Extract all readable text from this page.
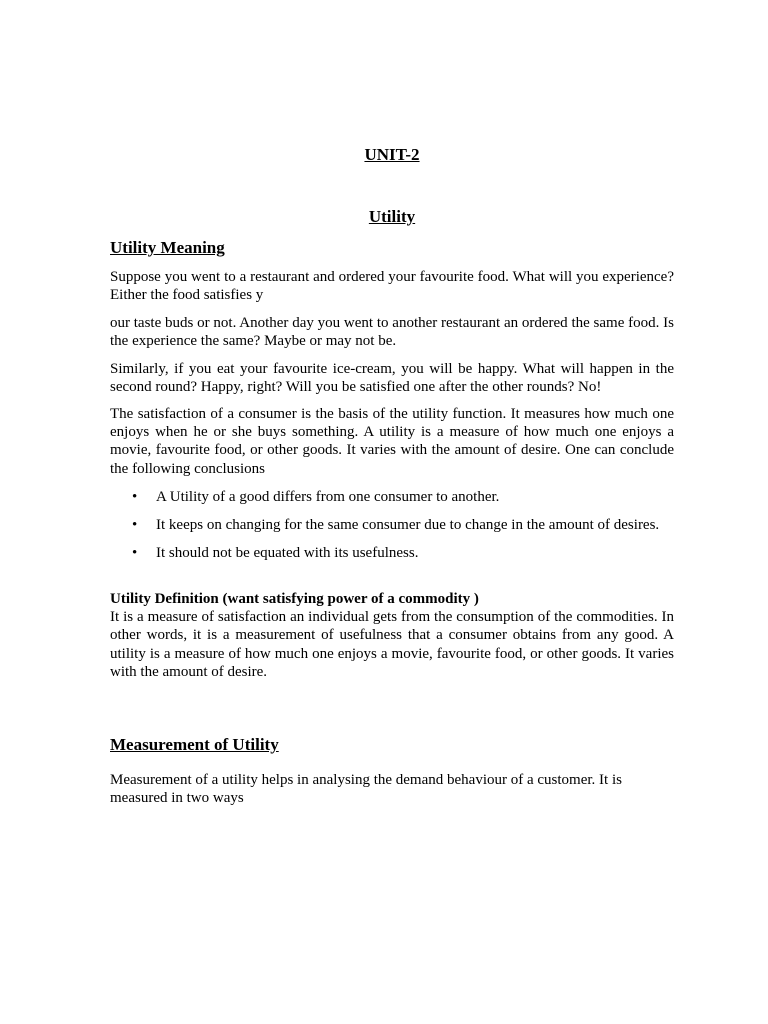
UNIT-2
Utility
Utility Meaning

Suppose you went to a restaurant and ordered your favourite food. What will you experience? Either the food satisfies y

our taste buds or not. Another day you went to another restaurant an ordered the same food. Is the experience the same? Maybe or may not be.

Similarly, if you eat your favourite ice-cream, you will be happy. What will happen in the second round? Happy, right? Will you be satisfied one after the other rounds? No!

The satisfaction of a consumer is the basis of the utility function. It measures how much one enjoys when he or she buys something. A utility is a measure of how much one enjoys a movie, favourite food, or other goods. It varies with the amount of desire. One can conclude the following conclusions

• A Utility of a good differs from one consumer to another.
• It keeps on changing for the same consumer due to change in the amount of desires.
• It should not be equated with its usefulness.
Utility Definition (want satisfying power of a commodity )
It is a measure of satisfaction an individual gets from the consumption of the commodities. In other words, it is a measurement of usefulness that a consumer obtains from any good. A utility is a measure of how much one enjoys a movie, favourite food, or other goods. It varies with the amount of desire.
Measurement of Utility

Measurement of a utility helps in analysing the demand behaviour of a customer. It is measured in two ways
